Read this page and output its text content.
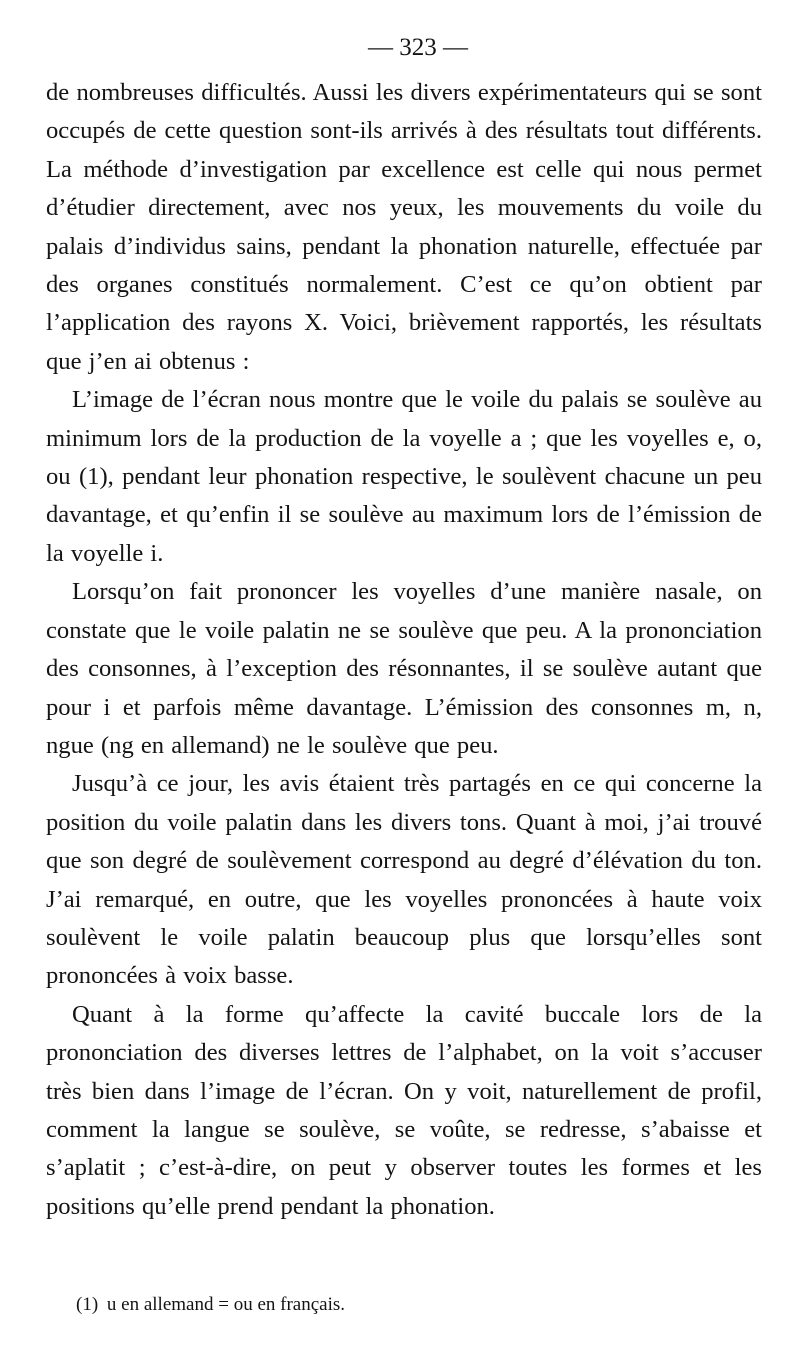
— 323 —

de nombreuses difficultés. Aussi les divers expérimentateurs qui se sont occupés de cette question sont-ils arrivés à des résultats tout différents. La méthode d’investigation par excellence est celle qui nous permet d’étudier directement, avec nos yeux, les mouvements du voile du palais d’individus sains, pendant la phonation naturelle, effectuée par des organes constitués normalement. C’est ce qu’on obtient par l’application des rayons X. Voici, brièvement rapportés, les résultats que j’en ai obtenus :

L’image de l’écran nous montre que le voile du palais se soulève au minimum lors de la production de la voyelle a ; que les voyelles e, o, ou (1), pendant leur phonation respective, le soulèvent chacune un peu davantage, et qu’enfin il se soulève au maximum lors de l’émission de la voyelle i.

Lorsqu’on fait prononcer les voyelles d’une manière nasale, on constate que le voile palatin ne se soulève que peu. A la prononciation des consonnes, à l’exception des résonnantes, il se soulève autant que pour i et parfois même davantage. L’émission des consonnes m, n, ngue (ng en allemand) ne le soulève que peu.

Jusqu’à ce jour, les avis étaient très partagés en ce qui concerne la position du voile palatin dans les divers tons. Quant à moi, j’ai trouvé que son degré de soulèvement correspond au degré d’élévation du ton. J’ai remarqué, en outre, que les voyelles prononcées à haute voix soulèvent le voile palatin beaucoup plus que lorsqu’elles sont prononcées à voix basse.

Quant à la forme qu’affecte la cavité buccale lors de la prononciation des diverses lettres de l’alphabet, on la voit s’accuser très bien dans l’image de l’écran. On y voit, naturellement de profil, comment la langue se soulève, se voûte, se redresse, s’abaisse et s’aplatit ; c’est-à-dire, on peut y observer toutes les formes et les positions qu’elle prend pendant la phonation.

(1) u en allemand = ou en français.
